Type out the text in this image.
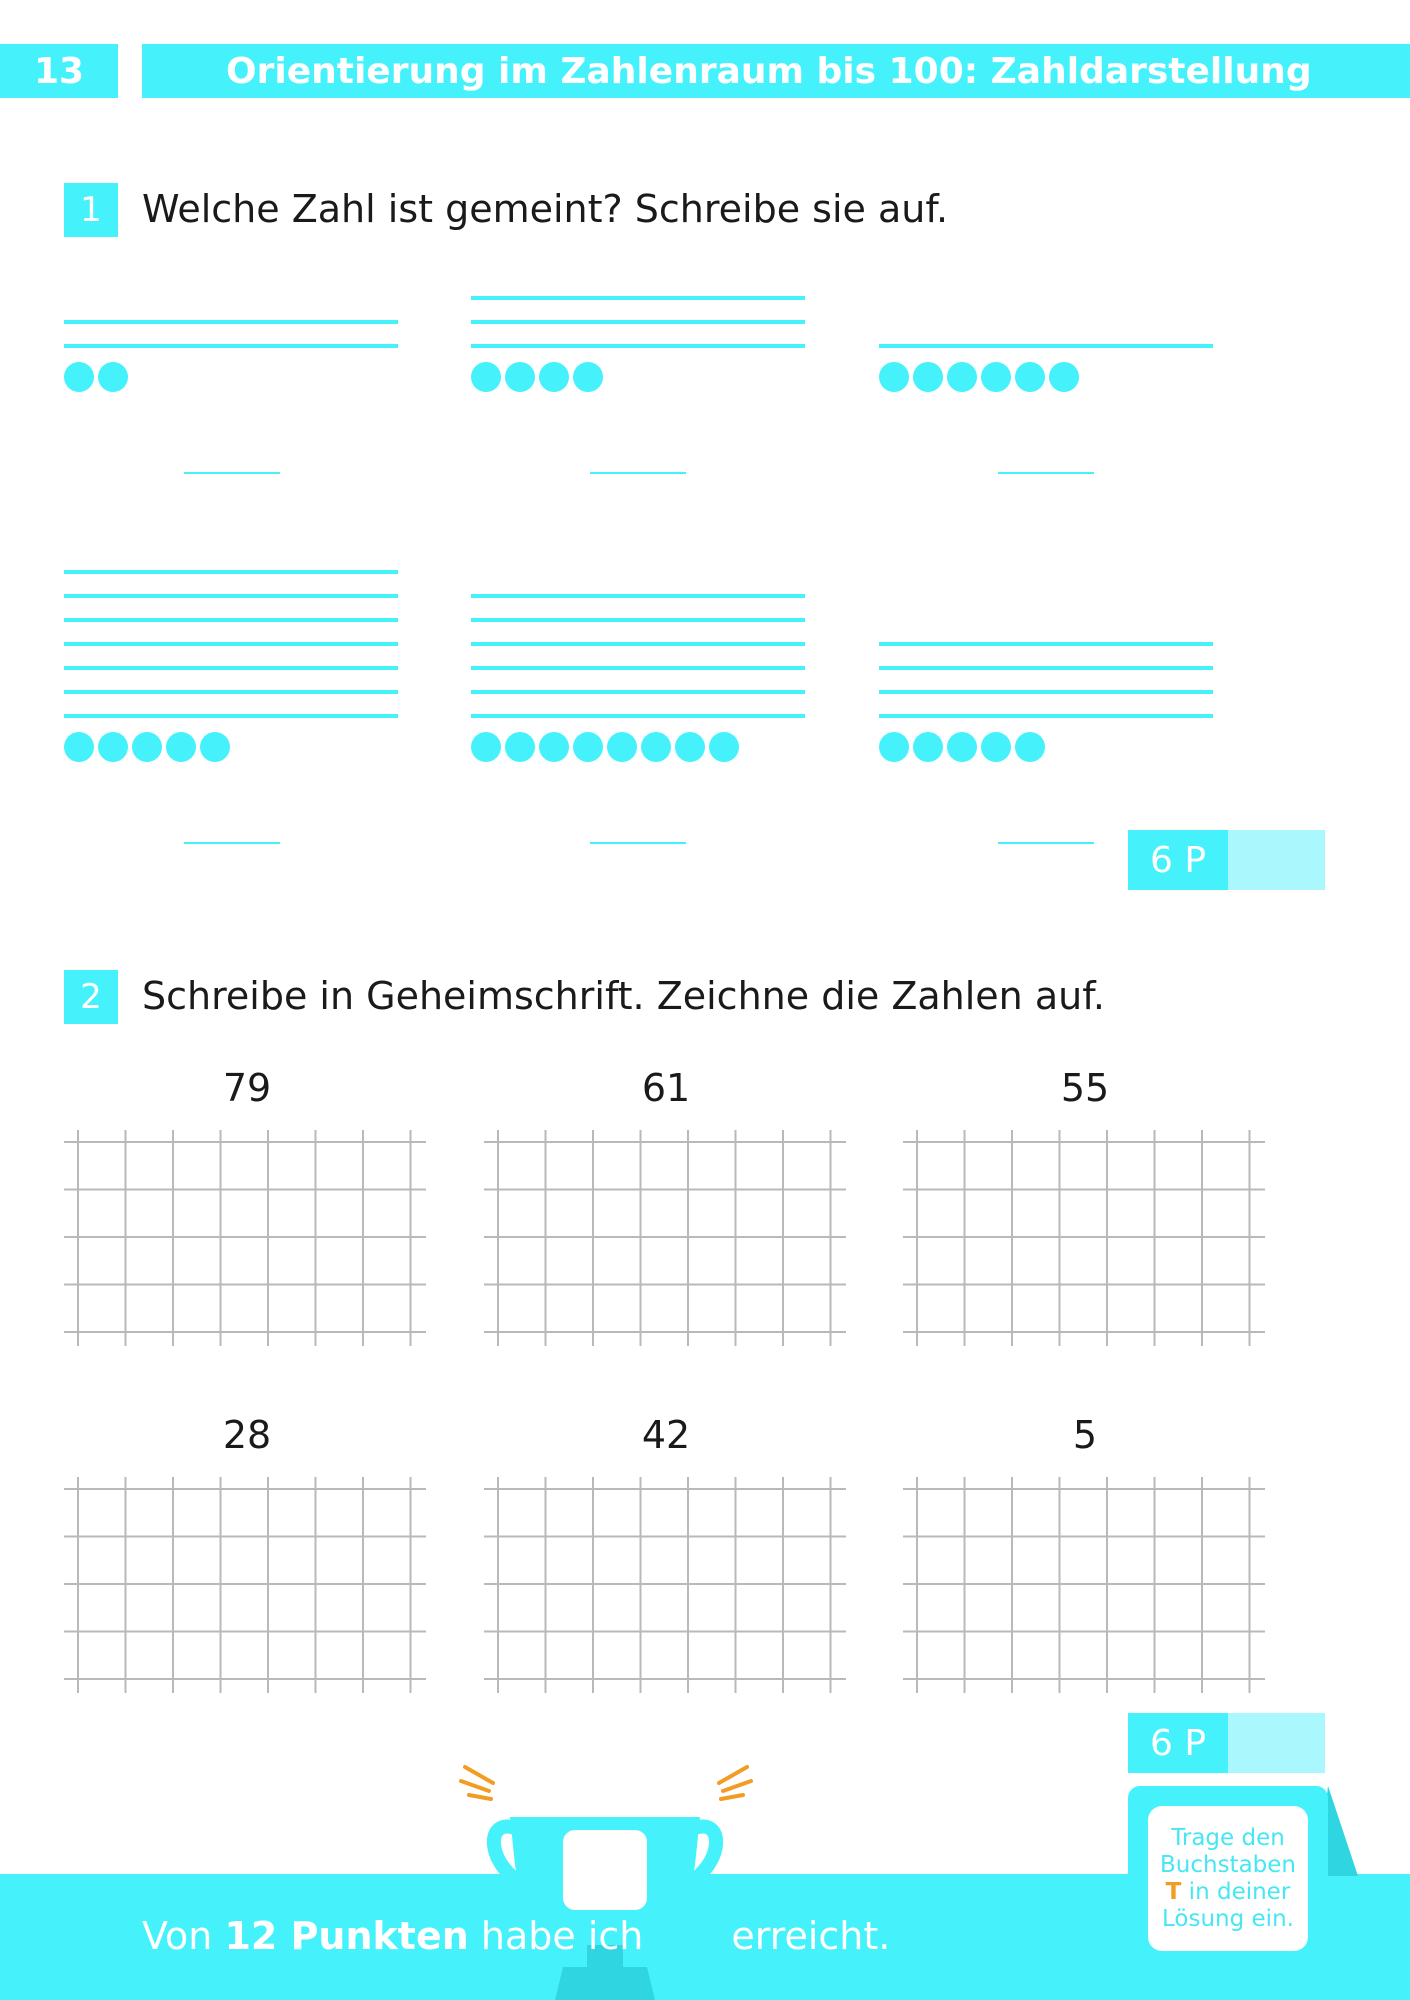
13	Orientierung im Zahlenraum bis 100: Zahldarstellung
1	Welche Zahl ist gemeint? Schreibe sie auf.
6 P
2	Schreibe in Geheimschrift. Zeichne die Zahlen auf.
79	61	55
28	42	5
6 P
Punkte
Von 12 Punkten habe ich erreicht.
Trage den
Buchstaben
T in deiner
Lösung ein.
